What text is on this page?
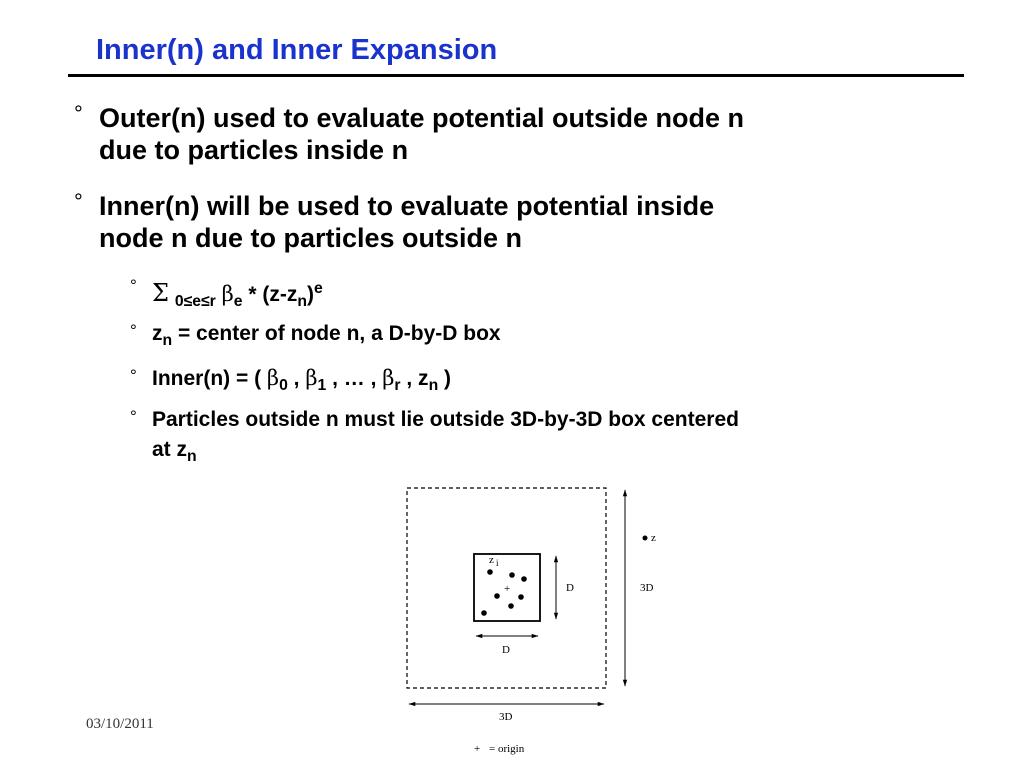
Inner(n) and Inner Expansion
° Outer(n) used to evaluate potential outside node n
due to particles inside n
° Inner(n) will be used to evaluate potential inside
node n due to particles outside n
° Σ $_{0\le e\le r}$ $\beta_e * (z-z_n)^e$
° $z_n$ = center of node n, a D-by-D box
° Inner(n) = ( $\beta_0$ , $\beta_1$ , … , $\beta_r$ , $z_n$ )
° Particles outside n must lie outside 3D-by-3D box centered
at $z_n$
+
z i
D
D
3D
3D
z
+ = origin
03/10/2011
